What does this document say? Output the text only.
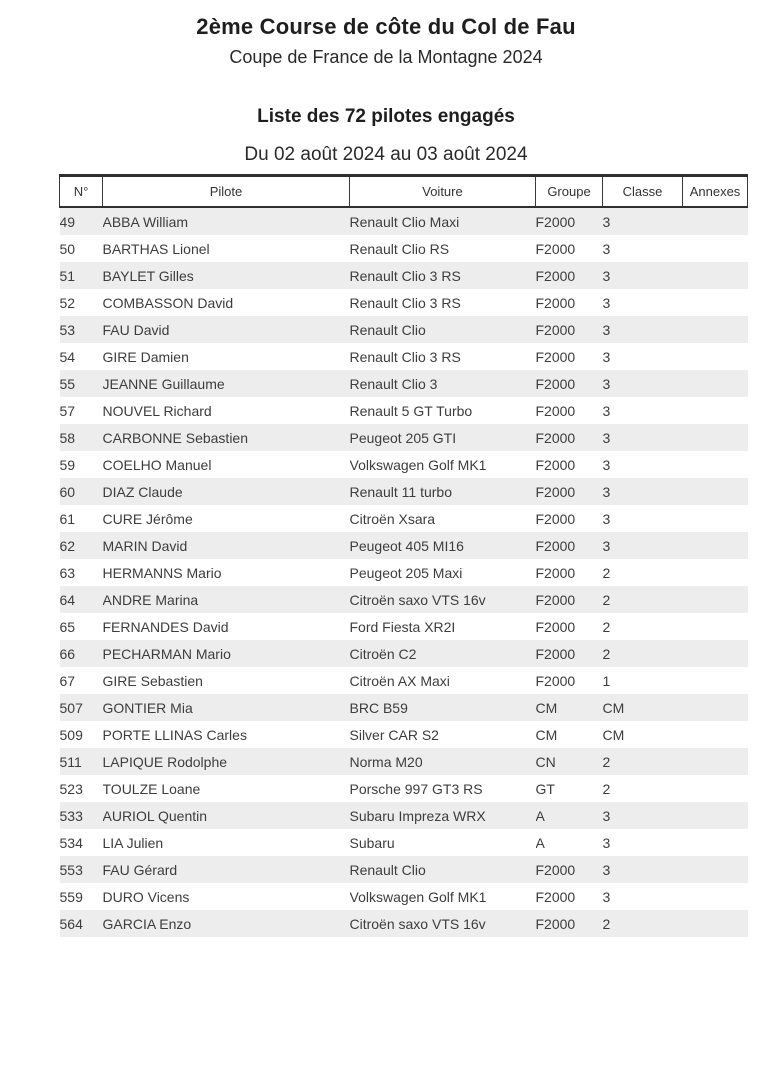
2ème Course de côte du Col de Fau
Coupe de France de la Montagne 2024
Liste des 72 pilotes engagés
Du 02 août 2024 au 03 août 2024
N°	Pilote	Voiture	Groupe	Classe	Annexes
49	ABBA William	Renault Clio Maxi	F2000	3	
50	BARTHAS Lionel	Renault Clio RS	F2000	3	
51	BAYLET Gilles	Renault Clio 3 RS	F2000	3	
52	COMBASSON David	Renault Clio 3 RS	F2000	3	
53	FAU David	Renault Clio	F2000	3	
54	GIRE Damien	Renault Clio 3 RS	F2000	3	
55	JEANNE Guillaume	Renault Clio 3	F2000	3	
57	NOUVEL Richard	Renault 5 GT Turbo	F2000	3	
58	CARBONNE Sebastien	Peugeot 205 GTI	F2000	3	
59	COELHO Manuel	Volkswagen Golf MK1	F2000	3	
60	DIAZ Claude	Renault 11 turbo	F2000	3	
61	CURE Jérôme	Citroën Xsara	F2000	3	
62	MARIN David	Peugeot 405 MI16	F2000	3	
63	HERMANNS Mario	Peugeot 205 Maxi	F2000	2	
64	ANDRE Marina	Citroën saxo VTS 16v	F2000	2	
65	FERNANDES David	Ford Fiesta XR2I	F2000	2	
66	PECHARMAN Mario	Citroën C2	F2000	2	
67	GIRE Sebastien	Citroën AX Maxi	F2000	1	
507	GONTIER Mia	BRC B59	CM	CM	
509	PORTE LLINAS Carles	Silver CAR S2	CM	CM	
511	LAPIQUE Rodolphe	Norma M20	CN	2	
523	TOULZE Loane	Porsche 997 GT3 RS	GT	2	
533	AURIOL Quentin	Subaru Impreza WRX	A	3	
534	LIA Julien	Subaru	A	3	
553	FAU Gérard	Renault Clio	F2000	3	
559	DURO Vicens	Volkswagen Golf MK1	F2000	3	
564	GARCIA Enzo	Citroën saxo VTS 16v	F2000	2	
